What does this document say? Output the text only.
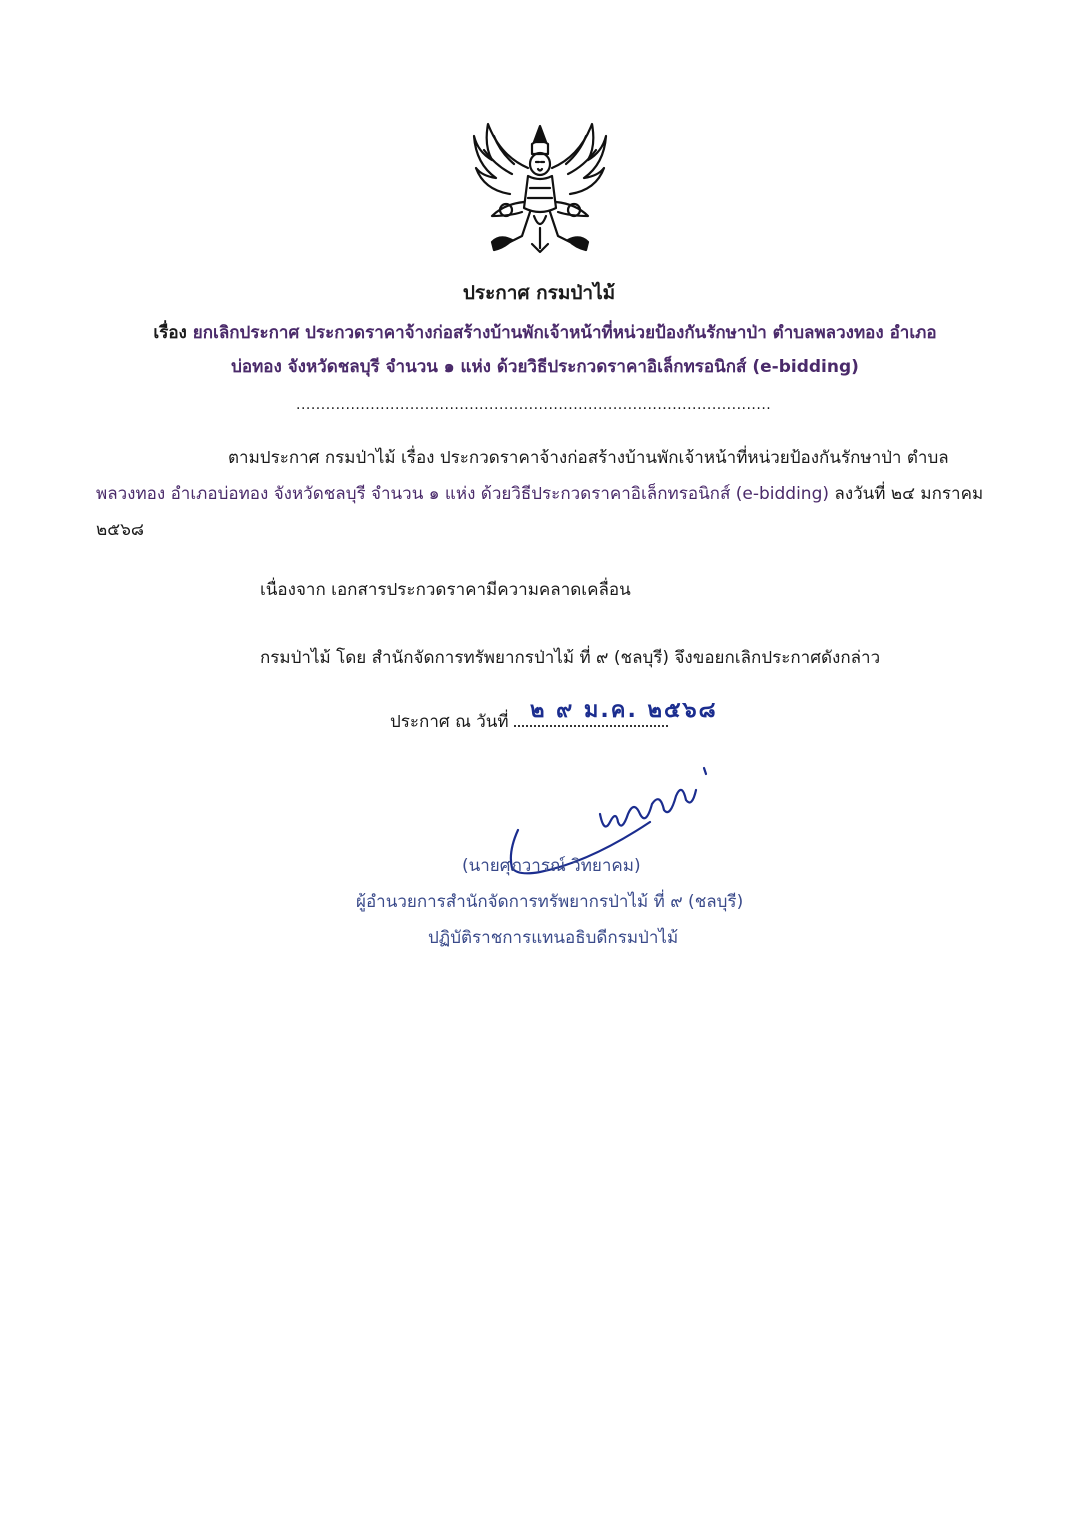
ประกาศ กรมป่าไม้
เรื่อง ยกเลิกประกาศ ประกวดราคาจ้างก่อสร้างบ้านพักเจ้าหน้าที่หน่วยป้องกันรักษาป่า ตำบลพลวงทอง อำเภอ
บ่อทอง จังหวัดชลบุรี จำนวน ๑ แห่ง ด้วยวิธีประกวดราคาอิเล็กทรอนิกส์ (e-bidding)
................................................................................................
ตามประกาศ กรมป่าไม้ เรื่อง ประกวดราคาจ้างก่อสร้างบ้านพักเจ้าหน้าที่หน่วยป้องกันรักษาป่า ตำบล
พลวงทอง อำเภอบ่อทอง จังหวัดชลบุรี จำนวน ๑ แห่ง ด้วยวิธีประกวดราคาอิเล็กทรอนิกส์ (e-bidding) ลงวันที่ ๒๔ มกราคม ๒๕๖๘
เนื่องจาก เอกสารประกวดราคามีความคลาดเคลื่อน
กรมป่าไม้ โดย สำนักจัดการทรัพยากรป่าไม้ ที่ ๙ (ชลบุรี) จึงขอยกเลิกประกาศดังกล่าว
ประกาศ ณ วันที่ ๒ ๙ ม.ค. ๒๕๖๘
(นายศุภวารณ์ วิทยาคม)
ผู้อำนวยการสำนักจัดการทรัพยากรป่าไม้ ที่ ๙ (ชลบุรี)
ปฏิบัติราชการแทนอธิบดีกรมป่าไม้
